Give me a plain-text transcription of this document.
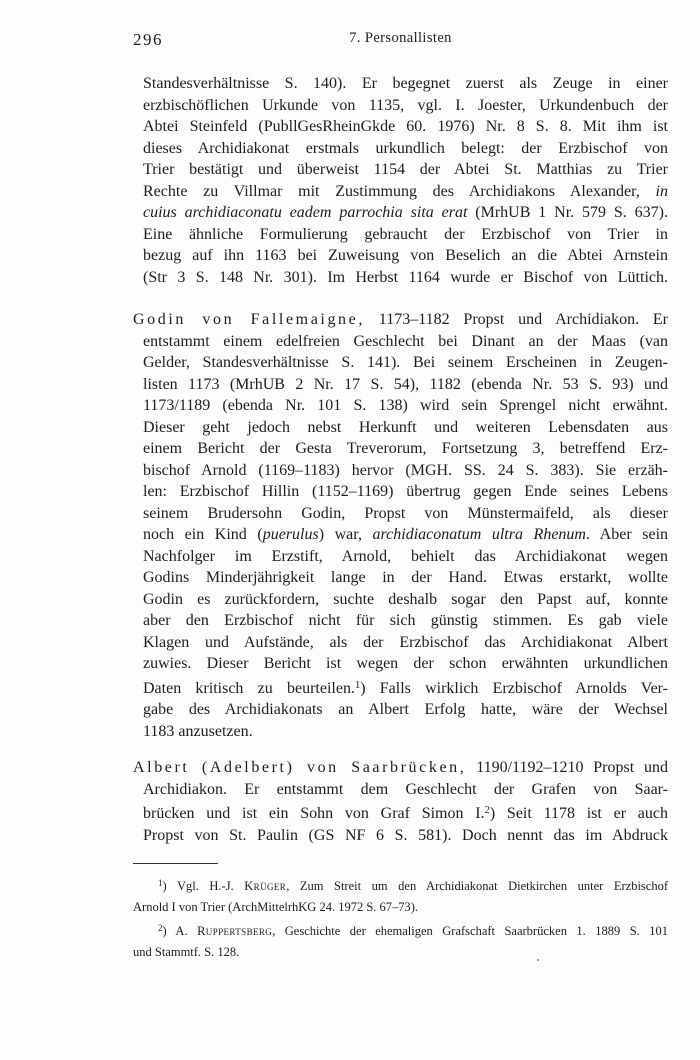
296	7. Personallisten
Standesverhältnisse S. 140). Er begegnet zuerst als Zeuge in einer
erzbischöflichen Urkunde von 1135, vgl. I. Joester, Urkundenbuch der
Abtei Steinfeld (PubllGesRheinGkde 60. 1976) Nr. 8 S. 8. Mit ihm ist
dieses Archidiakonat erstmals urkundlich belegt: der Erzbischof von
Trier bestätigt und überweist 1154 der Abtei St. Matthias zu Trier
Rechte zu Villmar mit Zustimmung des Archidiakons Alexander, in
cuius archidiaconatu eadem parrochia sita erat (MrhUB 1 Nr. 579 S. 637).
Eine ähnliche Formulierung gebraucht der Erzbischof von Trier in
bezug auf ihn 1163 bei Zuweisung von Beselich an die Abtei Arnstein
(Str 3 S. 148 Nr. 301). Im Herbst 1164 wurde er Bischof von Lüttich.
Godin von Fallemaigne, 1173–1182 Propst und Archidiakon. Er
entstammt einem edelfreien Geschlecht bei Dinant an der Maas (van
Gelder, Standesverhältnisse S. 141). Bei seinem Erscheinen in Zeugen-
listen 1173 (MrhUB 2 Nr. 17 S. 54), 1182 (ebenda Nr. 53 S. 93) und
1173/1189 (ebenda Nr. 101 S. 138) wird sein Sprengel nicht erwähnt.
Dieser geht jedoch nebst Herkunft und weiteren Lebensdaten aus
einem Bericht der Gesta Treverorum, Fortsetzung 3, betreffend Erz-
bischof Arnold (1169–1183) hervor (MGH. SS. 24 S. 383). Sie erzäh-
len: Erzbischof Hillin (1152–1169) übertrug gegen Ende seines Lebens
seinem Brudersohn Godin, Propst von Münstermaifeld, als dieser
noch ein Kind (puerulus) war, archidiaconatum ultra Rhenum. Aber sein
Nachfolger im Erzstift, Arnold, behielt das Archidiakonat wegen
Godins Minderjährigkeit lange in der Hand. Etwas erstarkt, wollte
Godin es zurückfordern, suchte deshalb sogar den Papst auf, konnte
aber den Erzbischof nicht für sich günstig stimmen. Es gab viele
Klagen und Aufstände, als der Erzbischof das Archidiakonat Albert
zuwies. Dieser Bericht ist wegen der schon erwähnten urkundlichen
Daten kritisch zu beurteilen.$^1$) Falls wirklich Erzbischof Arnolds Ver-
gabe des Archidiakonats an Albert Erfolg hatte, wäre der Wechsel
1183 anzusetzen.
Albert (Adelbert) von Saarbrücken, 1190/1192–1210 Propst und
Archidiakon. Er entstammt dem Geschlecht der Grafen von Saar-
brücken und ist ein Sohn von Graf Simon I.$^2$) Seit 1178 ist er auch
Propst von St. Paulin (GS NF 6 S. 581). Doch nennt das im Abdruck
$^1$) Vgl. H.-J. Krüger, Zum Streit um den Archidiakonat Dietkirchen unter Erzbischof
Arnold I von Trier (ArchMittelrhKG 24. 1972 S. 67–73).
$^2$) A. Ruppertsberg, Geschichte der ehemaligen Grafschaft Saarbrücken 1. 1889 S. 101
und Stammtf. S. 128.
